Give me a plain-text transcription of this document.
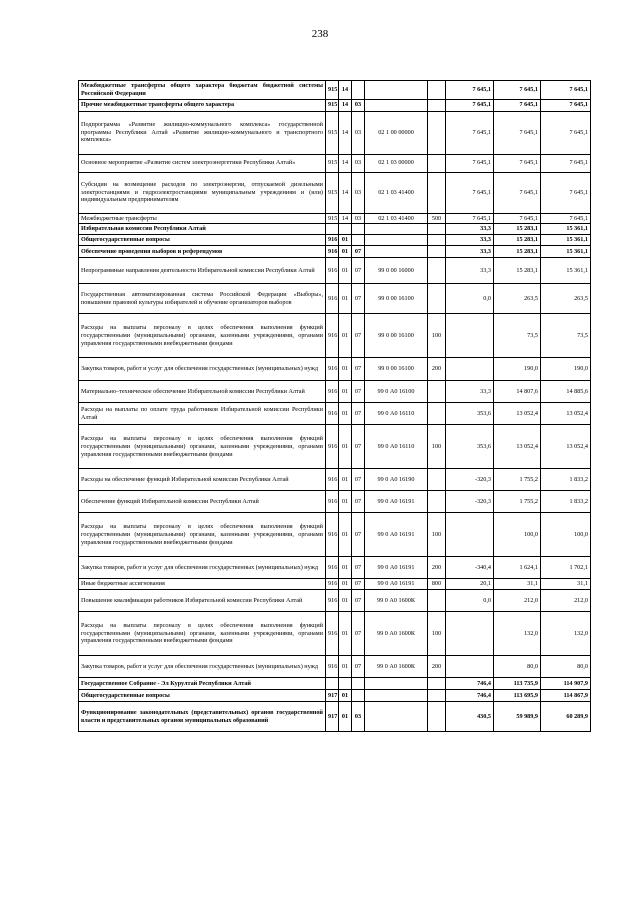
238
Межбюджетные трансферты общего характера бюджетам бюджетной системы Российской Федерации	915	14				7 645,1	7 645,1	7 645,1
Прочие межбюджетные трансферты общего характера	915	14	03			7 645,1	7 645,1	7 645,1
Подпрограмма «Развитие жилищно-коммунального комплекса» государственной программы Республики Алтай «Развитие жилищно-коммунального и транспортного комплекса»	915	14	03	02 1 00 00000		7 645,1	7 645,1	7 645,1
Основное мероприятие «Развитие систем электроэнергетики Республики Алтай»	915	14	03	02 1 03 00000		7 645,1	7 645,1	7 645,1
Субсидии на возмещение расходов по электроэнергии, отпускаемой дизельными электростанциями и гидроэлектростанциями муниципальным учреждениям и (или) индивидуальным предпринимателям	915	14	03	02 1 03 41400		7 645,1	7 645,1	7 645,1
Межбюджетные трансферты	915	14	03	02 1 03 41400	500	7 645,1	7 645,1	7 645,1
Избирательная комиссия Республики Алтай						33,3	15 283,1	15 361,1
Общегосударственные вопросы	916	01				33,3	15 283,1	15 361,1
Обеспечение проведения выборов и референдумов	916	01	07			33,3	15 283,1	15 361,1
Непрограммные направления деятельности Избирательной комиссии Республики Алтай	916	01	07	99 0 00 16000		33,3	15 283,1	15 361,1
Государственная автоматизированная система Российской Федерации «Выборы», повышение правовой культуры избирателей и обучение организаторов выборов	916	01	07	99 0 00 16100		0,0	263,5	263,5
Расходы на выплаты персоналу в целях обеспечения выполнения функций государственными (муниципальными) органами, казенными учреждениями, органами управления государственными внебюджетными фондами	916	01	07	99 0 00 16100	100		73,5	73,5
Закупка товаров, работ и услуг для обеспечения государственных (муниципальных) нужд	916	01	07	99 0 00 16100	200		190,0	190,0
Материально–техническое обеспечение Избирательной комиссии Республики Алтай	916	01	07	99 0 А0 16100		33,3	14 807,6	14 885,6
Расходы на выплаты по оплате труда работников Избирательной комиссии Республики Алтай	916	01	07	99 0 А0 16110		353,6	13 052,4	13 052,4
Расходы на выплаты персоналу в целях обеспечения выполнения функций государственными (муниципальными) органами, казенными учреждениями, органами управления государственными внебюджетными фондами	916	01	07	99 0 А0 16110	100	353,6	13 052,4	13 052,4
Расходы на обеспечение функций Избирательной комиссии Республики Алтай	916	01	07	99 0 А0 16190		-320,3	1 755,2	1 833,2
Обеспечение функций Избирательной комиссии Республики Алтай	916	01	07	99 0 А0 16191		-320,3	1 755,2	1 833,2
Расходы на выплаты персоналу в целях обеспечения выполнения функций государственными (муниципальными) органами, казенными учреждениями, органами управления государственными внебюджетными фондами	916	01	07	99 0 А0 16191	100		100,0	100,0
Закупка товаров, работ и услуг для обеспечения государственных (муниципальных) нужд	916	01	07	99 0 А0 16191	200	-340,4	1 624,1	1 702,1
Иные бюджетные ассигнования	916	01	07	99 0 А0 16191	800	20,1	31,1	31,1
Повышение квалификации работников Избирательной комиссии Республики Алтай	916	01	07	99 0 А0 1600К		0,0	212,0	212,0
Расходы на выплаты персоналу в целях обеспечения выполнения функций государственными (муниципальными) органами, казенными учреждениями, органами управления государственными внебюджетными фондами	916	01	07	99 0 А0 1600К	100		132,0	132,0
Закупка товаров, работ и услуг для обеспечения государственных (муниципальных) нужд	916	01	07	99 0 А0 1600К	200		80,0	80,0
Государственное Собрание - Эл Курултай Республики Алтай						746,4	113 735,9	114 907,9
Общегосударственные вопросы	917	01				746,4	113 695,9	114 867,9
Функционирование законодательных (представительных) органов государственной власти и представительных органов муниципальных образований	917	01	03			430,5	59 989,9	60 289,9
